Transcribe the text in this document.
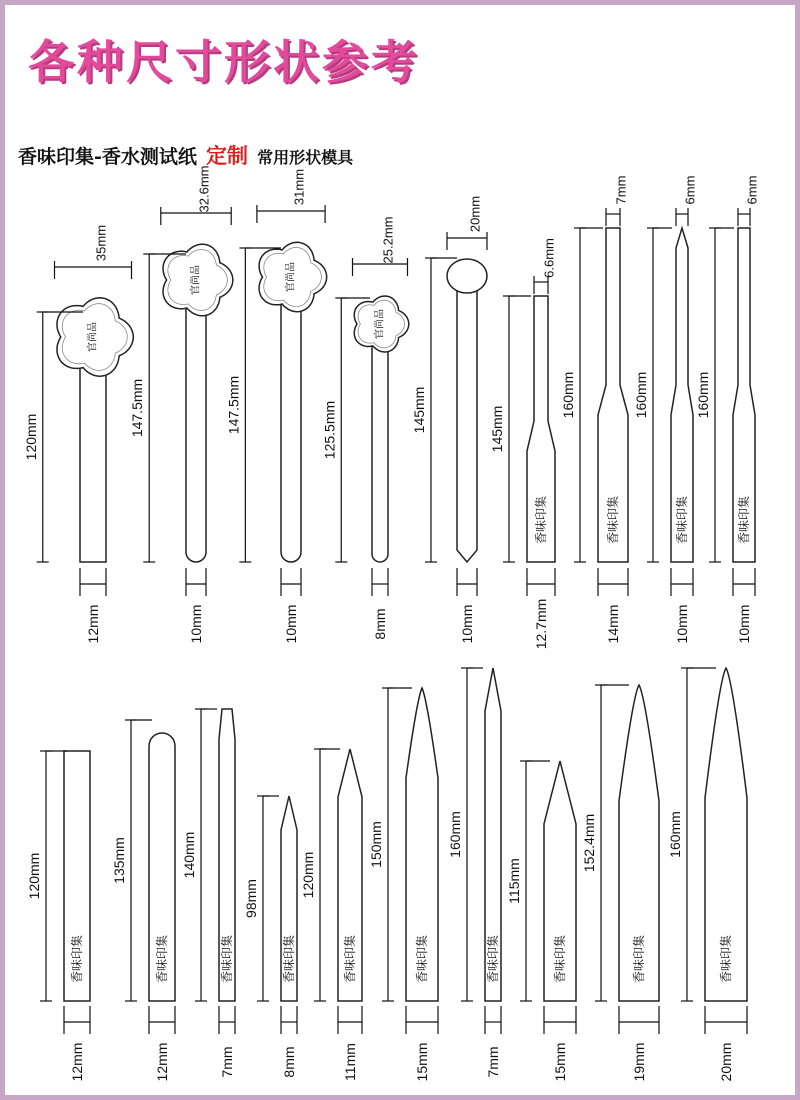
各种尺寸形状参考
香味印集-香水测试纸 定制 常用形状模具
官尚品
120mm
35mm
12mm
官尚品
147.5mm
32.6mm
10mm
官尚品
147.5mm
31mm
10mm
官尚品
125.5mm
25.2mm
8mm
145mm
20mm
10mm
145mm
6.6mm
香味印集
12.7mm
160mm
7mm
香味印集
14mm
160mm
6mm
香味印集
10mm
160mm
6mm
香味印集
10mm
120mm
12mm
香味印集
135mm
12mm
香味印集
140mm
7mm
香味印集
98mm
8mm
香味印集
120mm
11mm
香味印集
150mm
15mm
香味印集
160mm
7mm
香味印集
115mm
15mm
香味印集
152.4mm
19mm
香味印集
160mm
20mm
香味印集
